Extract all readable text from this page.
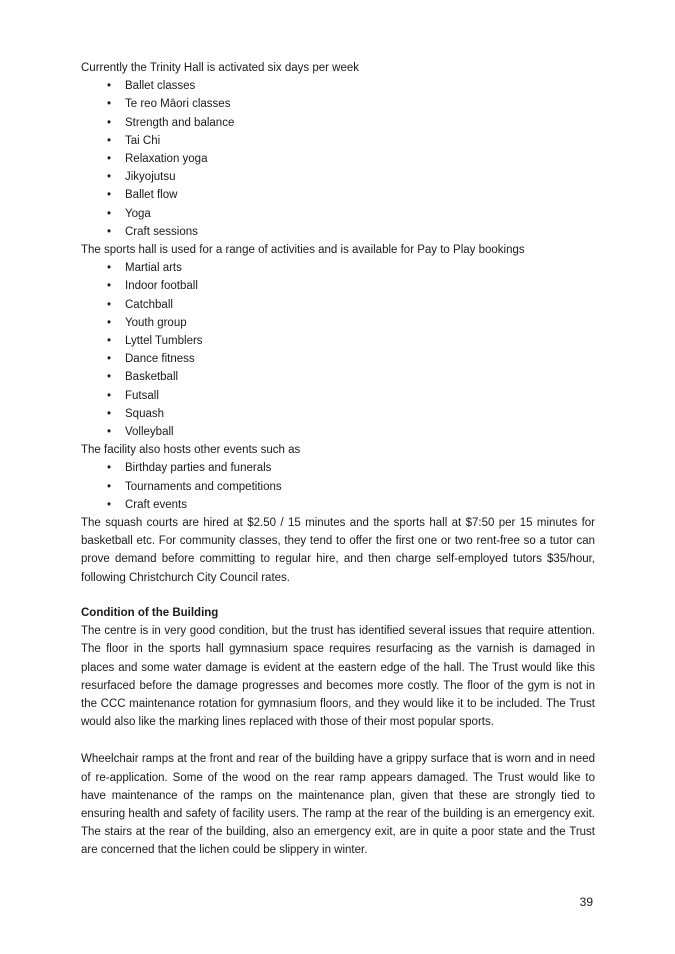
Currently the Trinity Hall is activated six days per week

•	Ballet classes
•	Te reo Māori classes
•	Strength and balance
•	Tai Chi
•	Relaxation yoga
•	Jikyojutsu
•	Ballet flow
•	Yoga
•	Craft sessions

The sports hall is used for a range of activities and is available for Pay to Play bookings

•	Martial arts
•	Indoor football
•	Catchball
•	Youth group
•	Lyttel Tumblers
•	Dance fitness
•	Basketball
•	Futsall
•	Squash
•	Volleyball

The facility also hosts other events such as

•	Birthday parties and funerals
•	Tournaments and competitions
•	Craft events

The squash courts are hired at $2.50 / 15 minutes and the sports hall at $7:50 per 15 minutes for basketball etc. For community classes, they tend to offer the first one or two rent-free so a tutor can prove demand before committing to regular hire, and then charge self-employed tutors $35/hour, following Christchurch City Council rates.

Condition of the Building

The centre is in very good condition, but the trust has identified several issues that require attention. The floor in the sports hall gymnasium space requires resurfacing as the varnish is damaged in places and some water damage is evident at the eastern edge of the hall. The Trust would like this resurfaced before the damage progresses and becomes more costly. The floor of the gym is not in the CCC maintenance rotation for gymnasium floors, and they would like it to be included. The Trust would also like the marking lines replaced with those of their most popular sports.

Wheelchair ramps at the front and rear of the building have a grippy surface that is worn and in need of re-application. Some of the wood on the rear ramp appears damaged. The Trust would like to have maintenance of the ramps on the maintenance plan, given that these are strongly tied to ensuring health and safety of facility users. The ramp at the rear of the building is an emergency exit. The stairs at the rear of the building, also an emergency exit, are in quite a poor state and the Trust are concerned that the lichen could be slippery in winter.

39
